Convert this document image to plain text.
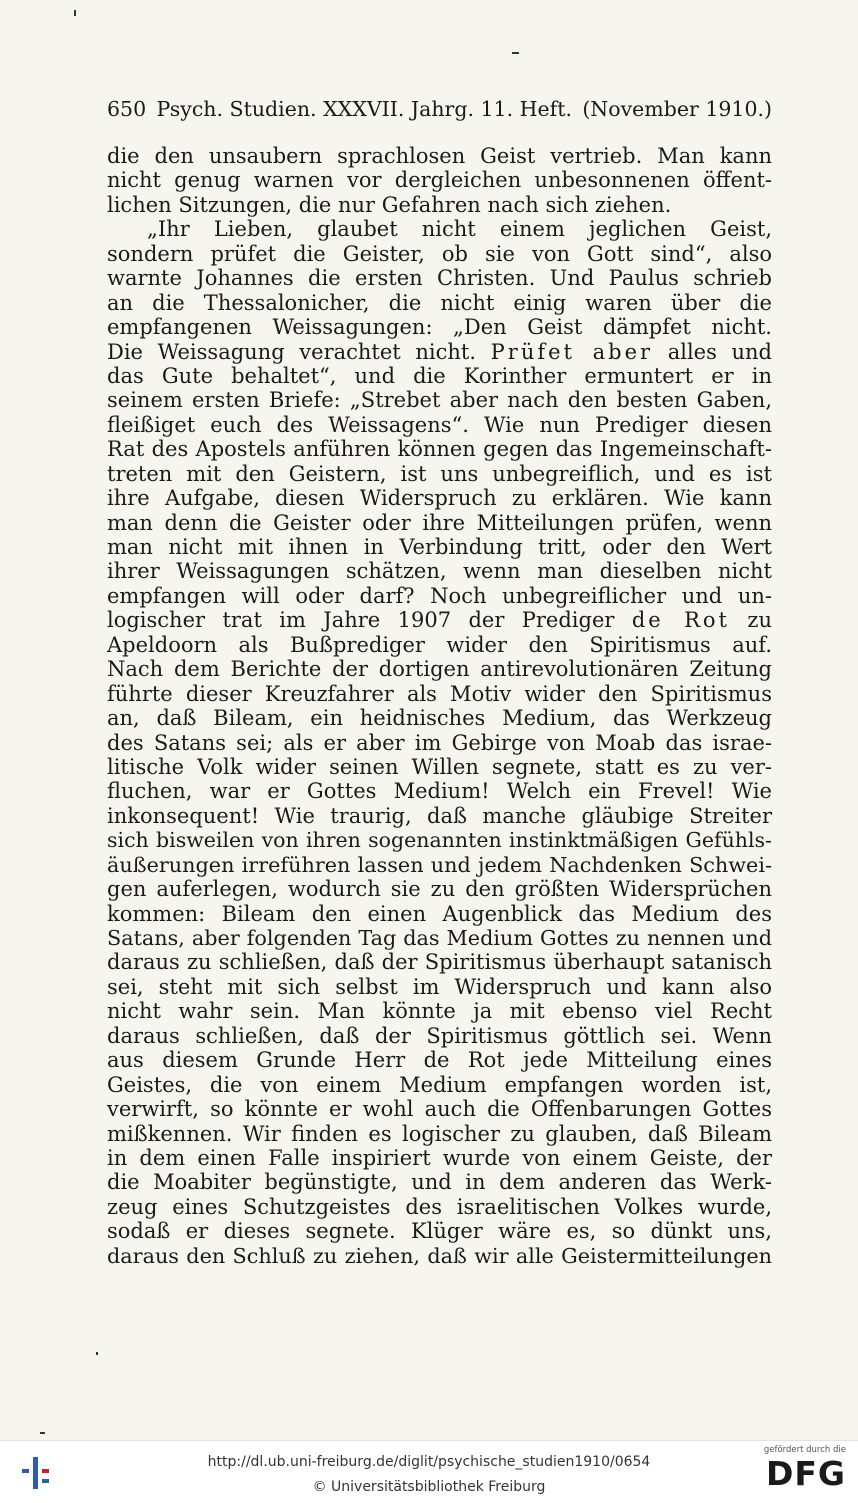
650 Psych. Studien. XXXVII. Jahrg. 11. Heft. (November 1910.)
die den unsaubern sprachlosen Geist vertrieb. Man kann
nicht genug warnen vor dergleichen unbesonnenen öffent-
lichen Sitzungen, die nur Gefahren nach sich ziehen.
„Ihr Lieben, glaubet nicht einem jeglichen Geist,
sondern prüfet die Geister, ob sie von Gott sind“, also
warnte Johannes die ersten Christen. Und Paulus schrieb
an die Thessalonicher, die nicht einig waren über die
empfangenen Weissagungen: „Den Geist dämpfet nicht.
Die Weissagung verachtet nicht. Prüfet aber alles und
das Gute behaltet“, und die Korinther ermuntert er in
seinem ersten Briefe: „Strebet aber nach den besten Gaben,
fleißiget euch des Weissagens“. Wie nun Prediger diesen
Rat des Apostels anführen können gegen das Ingemeinschaft-
treten mit den Geistern, ist uns unbegreiflich, und es ist
ihre Aufgabe, diesen Widerspruch zu erklären. Wie kann
man denn die Geister oder ihre Mitteilungen prüfen, wenn
man nicht mit ihnen in Verbindung tritt, oder den Wert
ihrer Weissagungen schätzen, wenn man dieselben nicht
empfangen will oder darf? Noch unbegreiflicher und un-
logischer trat im Jahre 1907 der Prediger de Rot zu
Apeldoorn als Bußprediger wider den Spiritismus auf.
Nach dem Berichte der dortigen antirevolutionären Zeitung
führte dieser Kreuzfahrer als Motiv wider den Spiritismus
an, daß Bileam, ein heidnisches Medium, das Werkzeug
des Satans sei; als er aber im Gebirge von Moab das israe-
litische Volk wider seinen Willen segnete, statt es zu ver-
fluchen, war er Gottes Medium! Welch ein Frevel! Wie
inkonsequent! Wie traurig, daß manche gläubige Streiter
sich bisweilen von ihren sogenannten instinktmäßigen Gefühls-
äußerungen irreführen lassen und jedem Nachdenken Schwei-
gen auferlegen, wodurch sie zu den größten Widersprüchen
kommen: Bileam den einen Augenblick das Medium des
Satans, aber folgenden Tag das Medium Gottes zu nennen und
daraus zu schließen, daß der Spiritismus überhaupt satanisch
sei, steht mit sich selbst im Widerspruch und kann also
nicht wahr sein. Man könnte ja mit ebenso viel Recht
daraus schließen, daß der Spiritismus göttlich sei. Wenn
aus diesem Grunde Herr de Rot jede Mitteilung eines
Geistes, die von einem Medium empfangen worden ist,
verwirft, so könnte er wohl auch die Offenbarungen Gottes
mißkennen. Wir finden es logischer zu glauben, daß Bileam
in dem einen Falle inspiriert wurde von einem Geiste, der
die Moabiter begünstigte, und in dem anderen das Werk-
zeug eines Schutzgeistes des israelitischen Volkes wurde,
sodaß er dieses segnete. Klüger wäre es, so dünkt uns,
daraus den Schluß zu ziehen, daß wir alle Geistermitteilungen
http://dl.ub.uni-freiburg.de/diglit/psychische_studien1910/0654
© Universitätsbibliothek Freiburg
gefördert durch die
DFG
